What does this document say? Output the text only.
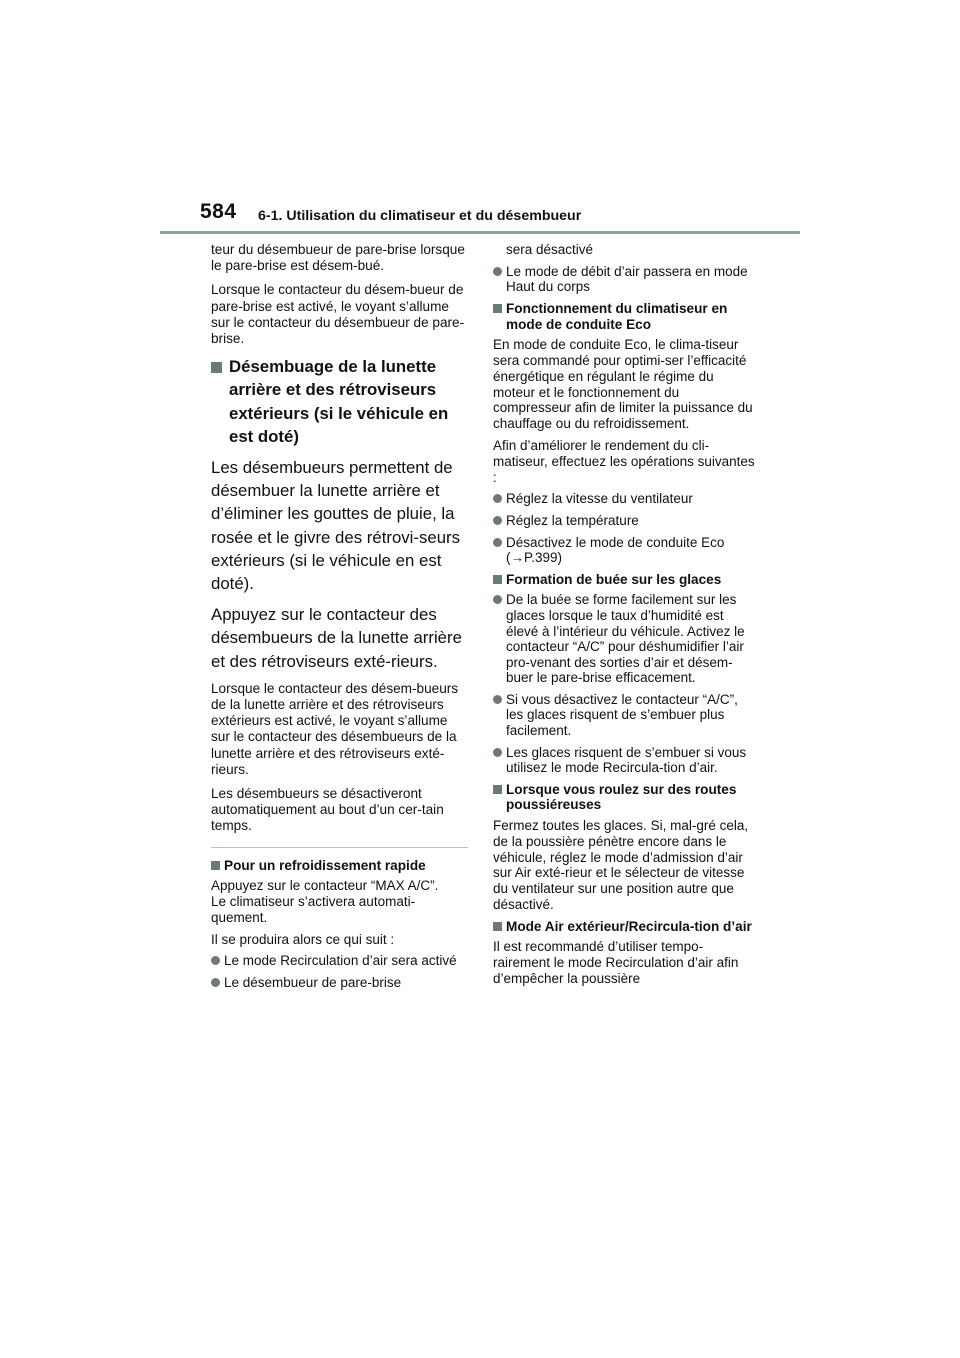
584 6-1. Utilisation du climatiseur et du désembueur

teur du désembueur de pare-brise lorsque le pare-brise est désem-bué.

Lorsque le contacteur du désem-bueur de pare-brise est activé, le voyant s’allume sur le contacteur du désembueur de pare-brise.

Désembuage de la lunette arrière et des rétroviseurs extérieurs (si le véhicule en est doté)

Les désembueurs permettent de désembuer la lunette arrière et d’éliminer les gouttes de pluie, la rosée et le givre des rétrovi-seurs extérieurs (si le véhicule en est doté).

Appuyez sur le contacteur des désembueurs de la lunette arrière et des rétroviseurs exté-rieurs.

Lorsque le contacteur des désem-bueurs de la lunette arrière et des rétroviseurs extérieurs est activé, le voyant s’allume sur le contacteur des désembueurs de la lunette arrière et des rétroviseurs exté-rieurs.

Les désembueurs se désactiveront automatiquement au bout d’un cer-tain temps.

Pour un refroidissement rapide

Appuyez sur le contacteur “MAX A/C”.

Le climatiseur s’activera automati-quement.

Il se produira alors ce qui suit :

Le mode Recirculation d’air sera activé
Le désembueur de pare-brise

sera désactivé

Le mode de débit d’air passera en mode Haut du corps
Fonctionnement du climatiseur en mode de conduite Eco

En mode de conduite Eco, le clima-tiseur sera commandé pour optimi-ser l’efficacité énergétique en régulant le régime du moteur et le fonctionnement du compresseur afin de limiter la puissance du chauffage ou du refroidissement.

Afin d’améliorer le rendement du cli-matiseur, effectuez les opérations suivantes :

Réglez la vitesse du ventilateur
Réglez la température
Désactivez le mode de conduite Eco (→P.399)
Formation de buée sur les glaces
De la buée se forme facilement sur les glaces lorsque le taux d’humidité est élevé à l’intérieur du véhicule. Activez le contacteur “A/C” pour déshumidifier l’air pro-venant des sorties d’air et désem-buer le pare-brise efficacement.
Si vous désactivez le contacteur “A/C”, les glaces risquent de s’embuer plus facilement.
Les glaces risquent de s’embuer si vous utilisez le mode Recircula-tion d’air.
Lorsque vous roulez sur des routes poussiéreuses

Fermez toutes les glaces. Si, mal-gré cela, de la poussière pénètre encore dans le véhicule, réglez le mode d’admission d’air sur Air exté-rieur et le sélecteur de vitesse du ventilateur sur une position autre que désactivé.

Mode Air extérieur/Recircula-tion d’air

Il est recommandé d’utiliser tempo-rairement le mode Recirculation d’air afin d’empêcher la poussière
